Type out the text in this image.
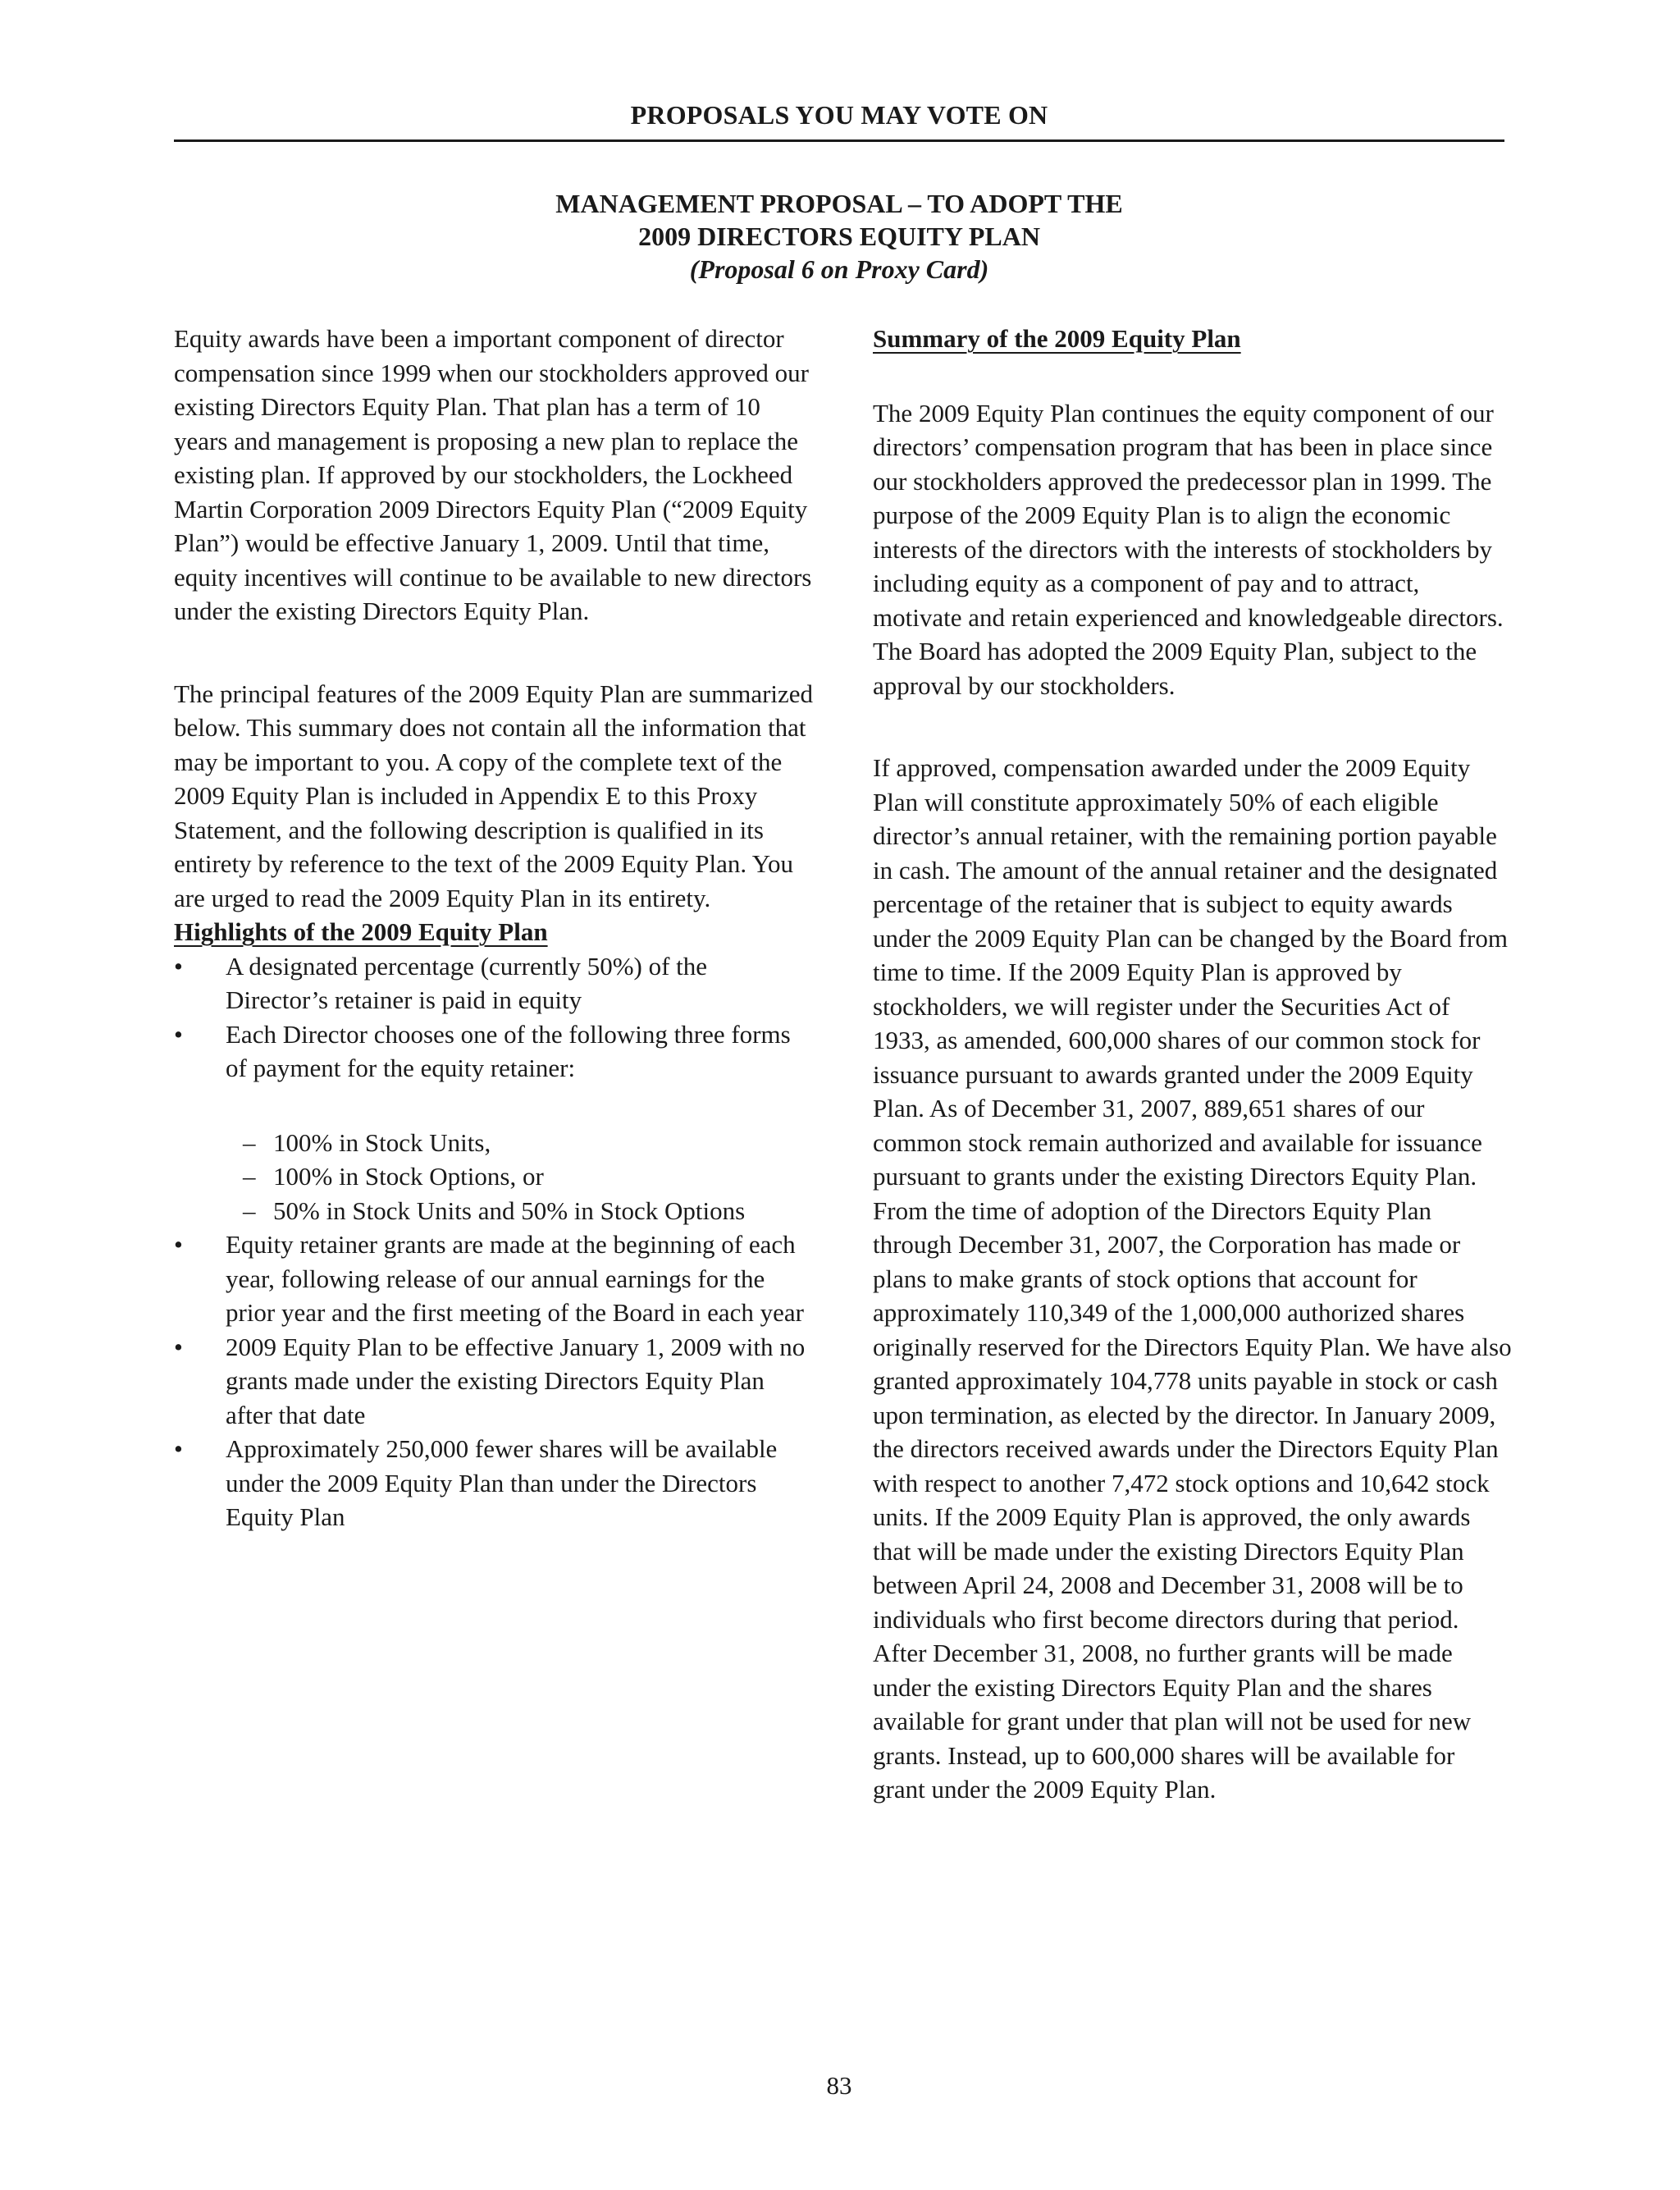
PROPOSALS YOU MAY VOTE ON
MANAGEMENT PROPOSAL – TO ADOPT THE
2009 DIRECTORS EQUITY PLAN
(Proposal 6 on Proxy Card)

Equity awards have been a important component of director compensation since 1999 when our stockholders approved our existing Directors Equity Plan. That plan has a term of 10 years and management is proposing a new plan to replace the existing plan. If approved by our stockholders, the Lockheed Martin Corporation 2009 Directors Equity Plan (“2009 Equity Plan”) would be effective January 1, 2009. Until that time, equity incentives will continue to be available to new directors under the existing Directors Equity Plan.

The principal features of the 2009 Equity Plan are summarized below. This summary does not contain all the information that may be important to you. A copy of the complete text of the 2009 Equity Plan is included in Appendix E to this Proxy Statement, and the following description is qualified in its entirety by reference to the text of the 2009 Equity Plan. You are urged to read the 2009 Equity Plan in its entirety.

Highlights of the 2009 Equity Plan

•	A designated percentage (currently 50%) of the Director’s retainer is paid in equity
•	Each Director chooses one of the following three forms of payment for the equity retainer:
– 100% in Stock Units,
– 100% in Stock Options, or
– 50% in Stock Units and 50% in Stock Options
•	Equity retainer grants are made at the beginning of each year, following release of our annual earnings for the prior year and the first meeting of the Board in each year
•	2009 Equity Plan to be effective January 1, 2009 with no grants made under the existing Directors Equity Plan after that date
•	Approximately 250,000 fewer shares will be available under the 2009 Equity Plan than under the Directors Equity Plan

Summary of the 2009 Equity Plan

The 2009 Equity Plan continues the equity component of our directors’ compensation program that has been in place since our stockholders approved the predecessor plan in 1999. The purpose of the 2009 Equity Plan is to align the economic interests of the directors with the interests of stockholders by including equity as a component of pay and to attract, motivate and retain experienced and knowledgeable directors. The Board has adopted the 2009 Equity Plan, subject to the approval by our stockholders.

If approved, compensation awarded under the 2009 Equity Plan will constitute approximately 50% of each eligible director’s annual retainer, with the remaining portion payable in cash. The amount of the annual retainer and the designated percentage of the retainer that is subject to equity awards under the 2009 Equity Plan can be changed by the Board from time to time. If the 2009 Equity Plan is approved by stockholders, we will register under the Securities Act of 1933, as amended, 600,000 shares of our common stock for issuance pursuant to awards granted under the 2009 Equity Plan. As of December 31, 2007, 889,651 shares of our common stock remain authorized and available for issuance pursuant to grants under the existing Directors Equity Plan. From the time of adoption of the Directors Equity Plan through December 31, 2007, the Corporation has made or plans to make grants of stock options that account for approximately 110,349 of the 1,000,000 authorized shares originally reserved for the Directors Equity Plan. We have also granted approximately 104,778 units payable in stock or cash upon termination, as elected by the director. In January 2009, the directors received awards under the Directors Equity Plan with respect to another 7,472 stock options and 10,642 stock units. If the 2009 Equity Plan is approved, the only awards that will be made under the existing Directors Equity Plan between April 24, 2008 and December 31, 2008 will be to individuals who first become directors during that period. After December 31, 2008, no further grants will be made under the existing Directors Equity Plan and the shares available for grant under that plan will not be used for new grants. Instead, up to 600,000 shares will be available for grant under the 2009 Equity Plan.

83
